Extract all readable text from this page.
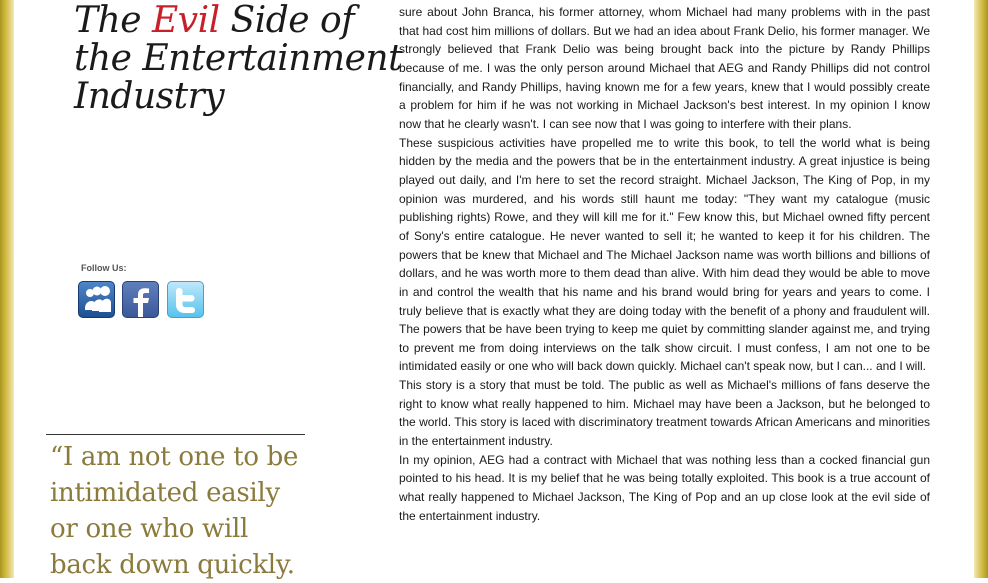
The Evil Side of
the Entertainment
Industry
Follow Us:
“I am not one to be
intimidated easily
or one who will
back down quickly.

sure about John Branca, his former attorney, whom Michael had many problems with in the past that had cost him millions of dollars. But we had an idea about Frank Delio, his former manager. We strongly believed that Frank Delio was being brought back into the picture by Randy Phillips because of me. I was the only person around Michael that AEG and Randy Phillips did not control financially, and Randy Phillips, having known me for a few years, knew that I would possibly create a problem for him if he was not working in Michael Jackson's best interest. In my opinion I know now that he clearly wasn't. I can see now that I was going to interfere with their plans.

These suspicious activities have propelled me to write this book, to tell the world what is being hidden by the media and the powers that be in the entertainment industry. A great injustice is being played out daily, and I'm here to set the record straight. Michael Jackson, The King of Pop, in my opinion was murdered, and his words still haunt me today: "They want my catalogue (music publishing rights) Rowe, and they will kill me for it." Few know this, but Michael owned fifty percent of Sony's entire catalogue. He never wanted to sell it; he wanted to keep it for his children. The powers that be knew that Michael and The Michael Jackson name was worth billions and billions of dollars, and he was worth more to them dead than alive. With him dead they would be able to move in and control the wealth that his name and his brand would bring for years and years to come. I truly believe that is exactly what they are doing today with the benefit of a phony and fraudulent will. The powers that be have been trying to keep me quiet by committing slander against me, and trying to prevent me from doing interviews on the talk show circuit. I must confess, I am not one to be intimidated easily or one who will back down quickly. Michael can't speak now, but I can... and I will.

This story is a story that must be told. The public as well as Michael's millions of fans deserve the right to know what really happened to him. Michael may have been a Jackson, but he belonged to the world. This story is laced with discriminatory treatment towards African Americans and minorities in the entertainment industry.

In my opinion, AEG had a contract with Michael that was nothing less than a cocked financial gun pointed to his head. It is my belief that he was being totally exploited. This book is a true account of what really happened to Michael Jackson, The King of Pop and an up close look at the evil side of the entertainment industry.
